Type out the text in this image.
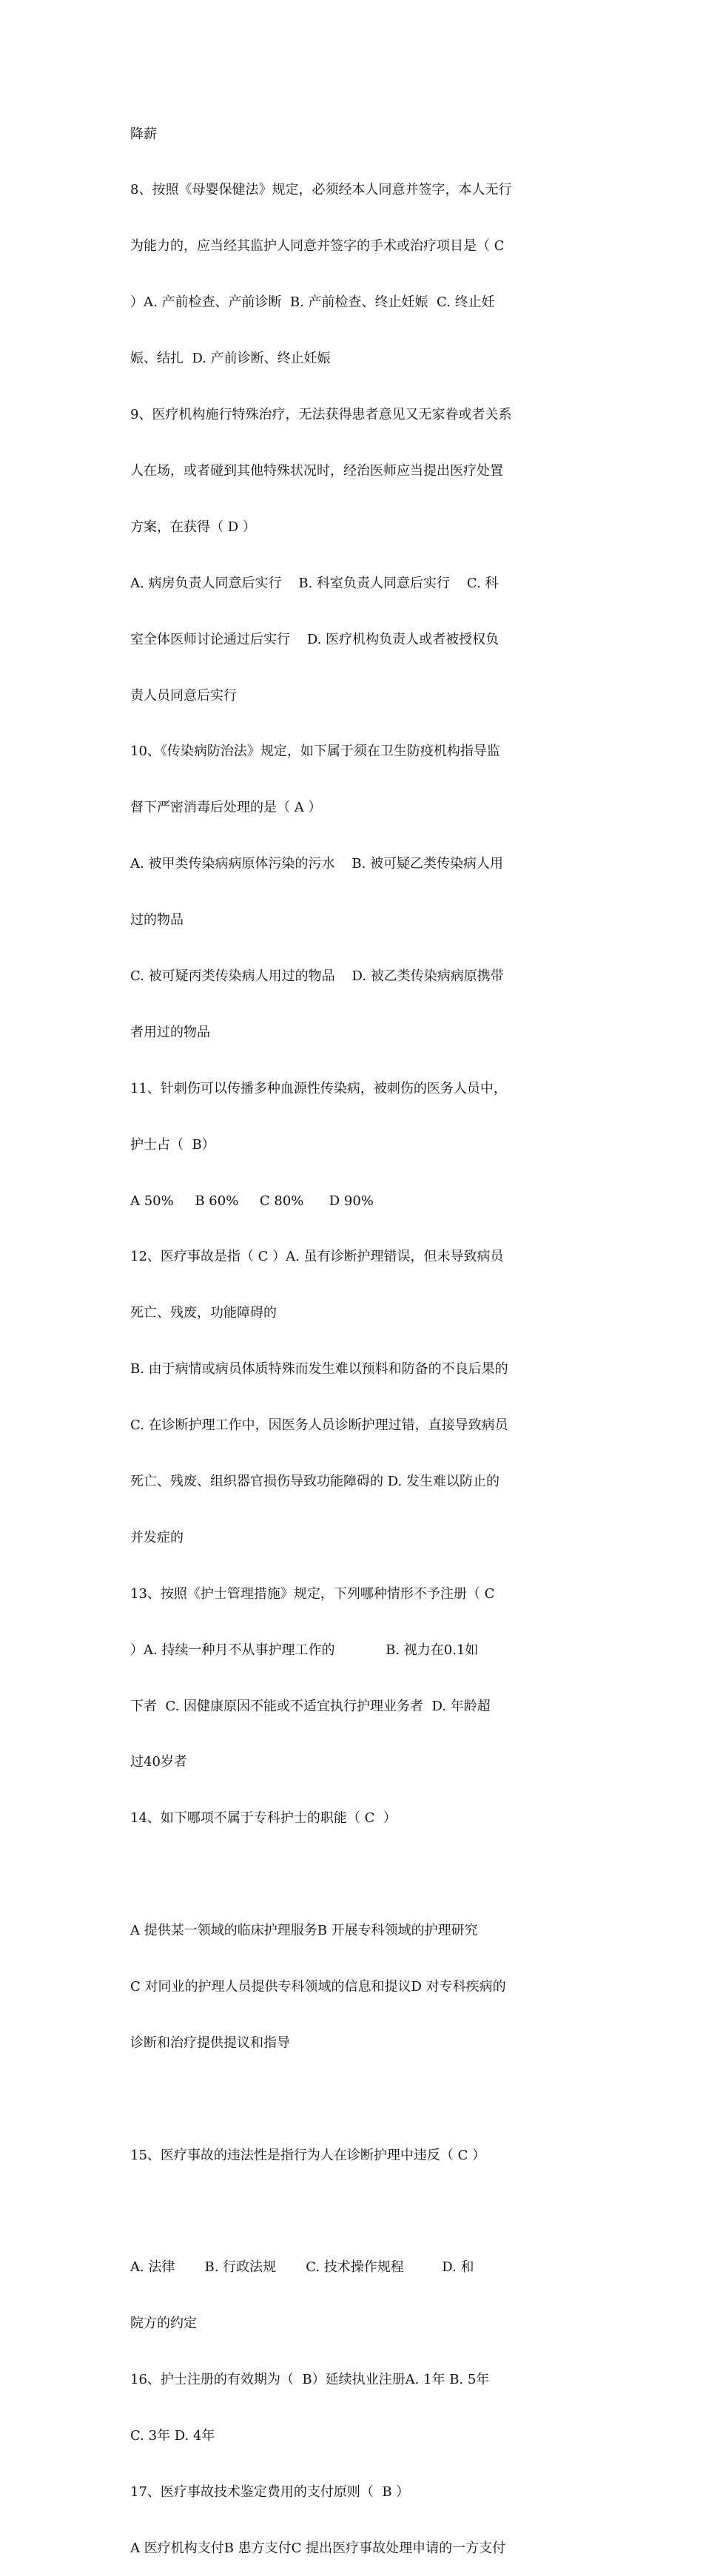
降薪

8、按照《母婴保健法》规定，必须经本人同意并签字，本人无行

为能力的，应当经其监护人同意并签字的手术或治疗项目是（ C

）A. 产前检查、产前诊断  B. 产前检查、终止妊娠  C. 终止妊

娠、结扎  D. 产前诊断、终止妊娠

9、医疗机构施行特殊治疗，无法获得患者意见又无家眷或者关系

人在场，或者碰到其他特殊状况时，经治医师应当提出医疗处置

方案，在获得（ D ）

A. 病房负责人同意后实行    B. 科室负责人同意后实行    C. 科

室全体医师讨论通过后实行    D. 医疗机构负责人或者被授权负

责人员同意后实行

10、《传染病防治法》规定，如下属于须在卫生防疫机构指导监

督下严密消毒后处理的是（ A ）

A. 被甲类传染病病原体污染的污水    B. 被可疑乙类传染病人用

过的物品

C. 被可疑丙类传染病人用过的物品    D. 被乙类传染病病原携带

者用过的物品

11、针刺伤可以传播多种血源性传染病，被刺伤的医务人员中，

护士占（  B）

A 50%     B 60%     C 80%      D 90%

12、医疗事故是指（ C ）A. 虽有诊断护理错误，但未导致病员

死亡、残废，功能障碍的

B. 由于病情或病员体质特殊而发生难以预料和防备的不良后果的

C. 在诊断护理工作中，因医务人员诊断护理过错，直接导致病员

死亡、残废、组织器官损伤导致功能障碍的 D. 发生难以防止的

并发症的

13、按照《护士管理措施》规定，下列哪种情形不予注册（ C

）A. 持续一种月不从事护理工作的            B. 视力在0.1如

下者  C. 因健康原因不能或不适宜执行护理业务者  D. 年龄超

过40岁者

14、如下哪项不属于专科护士的职能（ C  ）

A 提供某一领域的临床护理服务B 开展专科领域的护理研究

C 对同业的护理人员提供专科领域的信息和提议D 对专科疾病的

诊断和治疗提供提议和指导

15、医疗事故的违法性是指行为人在诊断护理中违反（ C ）

A. 法律       B. 行政法规       C. 技术操作规程         D. 和

院方的约定

16、护士注册的有效期为（  B）延续执业注册A. 1年 B. 5年

C. 3年 D. 4年

17、医疗事故技术鉴定费用的支付原则（  B ）

A 医疗机构支付B 患方支付C 提出医疗事故处理申请的一方支付
